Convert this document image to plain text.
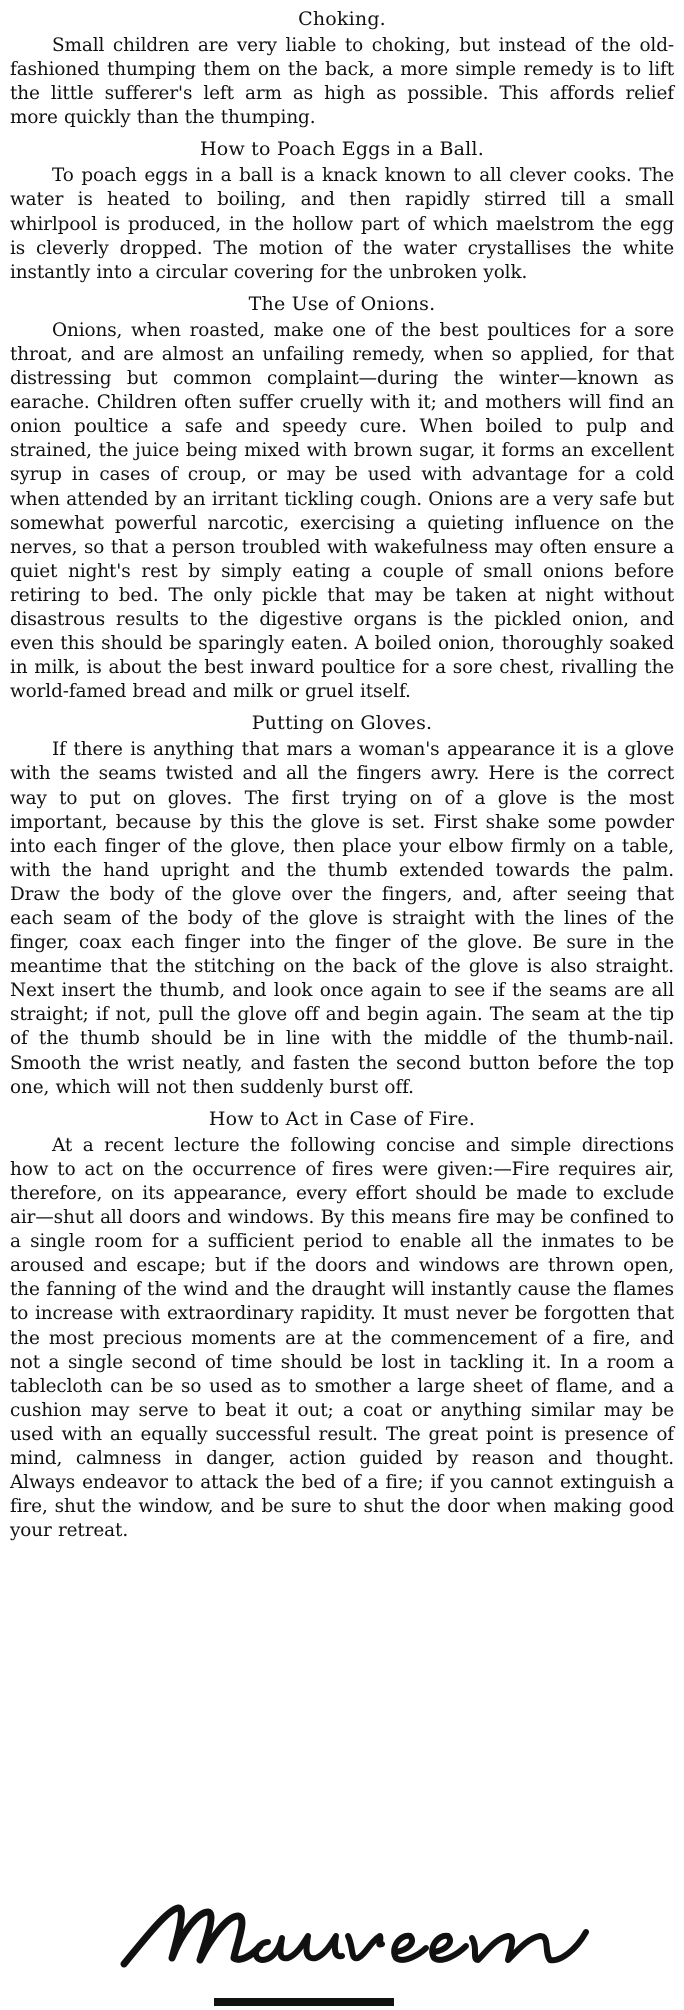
Choking.

Small children are very liable to choking, but instead of the old-fashioned thumping them on the back, a more simple remedy is to lift the little sufferer's left arm as high as possible. This affords relief more quickly than the thumping.

How to Poach Eggs in a Ball.

To poach eggs in a ball is a knack known to all clever cooks. The water is heated to boiling, and then rapidly stirred till a small whirlpool is produced, in the hollow part of which maelstrom the egg is cleverly dropped. The motion of the water crystallises the white instantly into a circular covering for the unbroken yolk.

The Use of Onions.

Onions, when roasted, make one of the best poultices for a sore throat, and are almost an unfailing remedy, when so applied, for that distressing but common complaint—during the winter—known as earache. Children often suffer cruelly with it; and mothers will find an onion poultice a safe and speedy cure. When boiled to pulp and strained, the juice being mixed with brown sugar, it forms an excellent syrup in cases of croup, or may be used with advantage for a cold when attended by an irritant tickling cough. Onions are a very safe but somewhat powerful narcotic, exercising a quieting influence on the nerves, so that a person troubled with wakefulness may often ensure a quiet night's rest by simply eating a couple of small onions before retiring to bed. The only pickle that may be taken at night without disastrous results to the digestive organs is the pickled onion, and even this should be sparingly eaten. A boiled onion, thoroughly soaked in milk, is about the best inward poultice for a sore chest, rivalling the world-famed bread and milk or gruel itself.

Putting on Gloves.

If there is anything that mars a woman's appearance it is a glove with the seams twisted and all the fingers awry. Here is the correct way to put on gloves. The first trying on of a glove is the most important, because by this the glove is set. First shake some powder into each finger of the glove, then place your elbow firmly on a table, with the hand upright and the thumb extended towards the palm. Draw the body of the glove over the fingers, and, after seeing that each seam of the body of the glove is straight with the lines of the finger, coax each finger into the finger of the glove. Be sure in the meantime that the stitching on the back of the glove is also straight. Next insert the thumb, and look once again to see if the seams are all straight; if not, pull the glove off and begin again. The seam at the tip of the thumb should be in line with the middle of the thumb-nail. Smooth the wrist neatly, and fasten the second button before the top one, which will not then suddenly burst off.

How to Act in Case of Fire.

At a recent lecture the following concise and simple directions how to act on the occurrence of fires were given:—Fire requires air, therefore, on its appearance, every effort should be made to exclude air—shut all doors and windows. By this means fire may be confined to a single room for a sufficient period to enable all the inmates to be aroused and escape; but if the doors and windows are thrown open, the fanning of the wind and the draught will instantly cause the flames to increase with extraordinary rapidity. It must never be forgotten that the most precious moments are at the commencement of a fire, and not a single second of time should be lost in tackling it. In a room a tablecloth can be so used as to smother a large sheet of flame, and a cushion may serve to beat it out; a coat or anything similar may be used with an equally successful result. The great point is presence of mind, calmness in danger, action guided by reason and thought. Always endeavor to attack the bed of a fire; if you cannot extinguish a fire, shut the window, and be sure to shut the door when making good your retreat.
